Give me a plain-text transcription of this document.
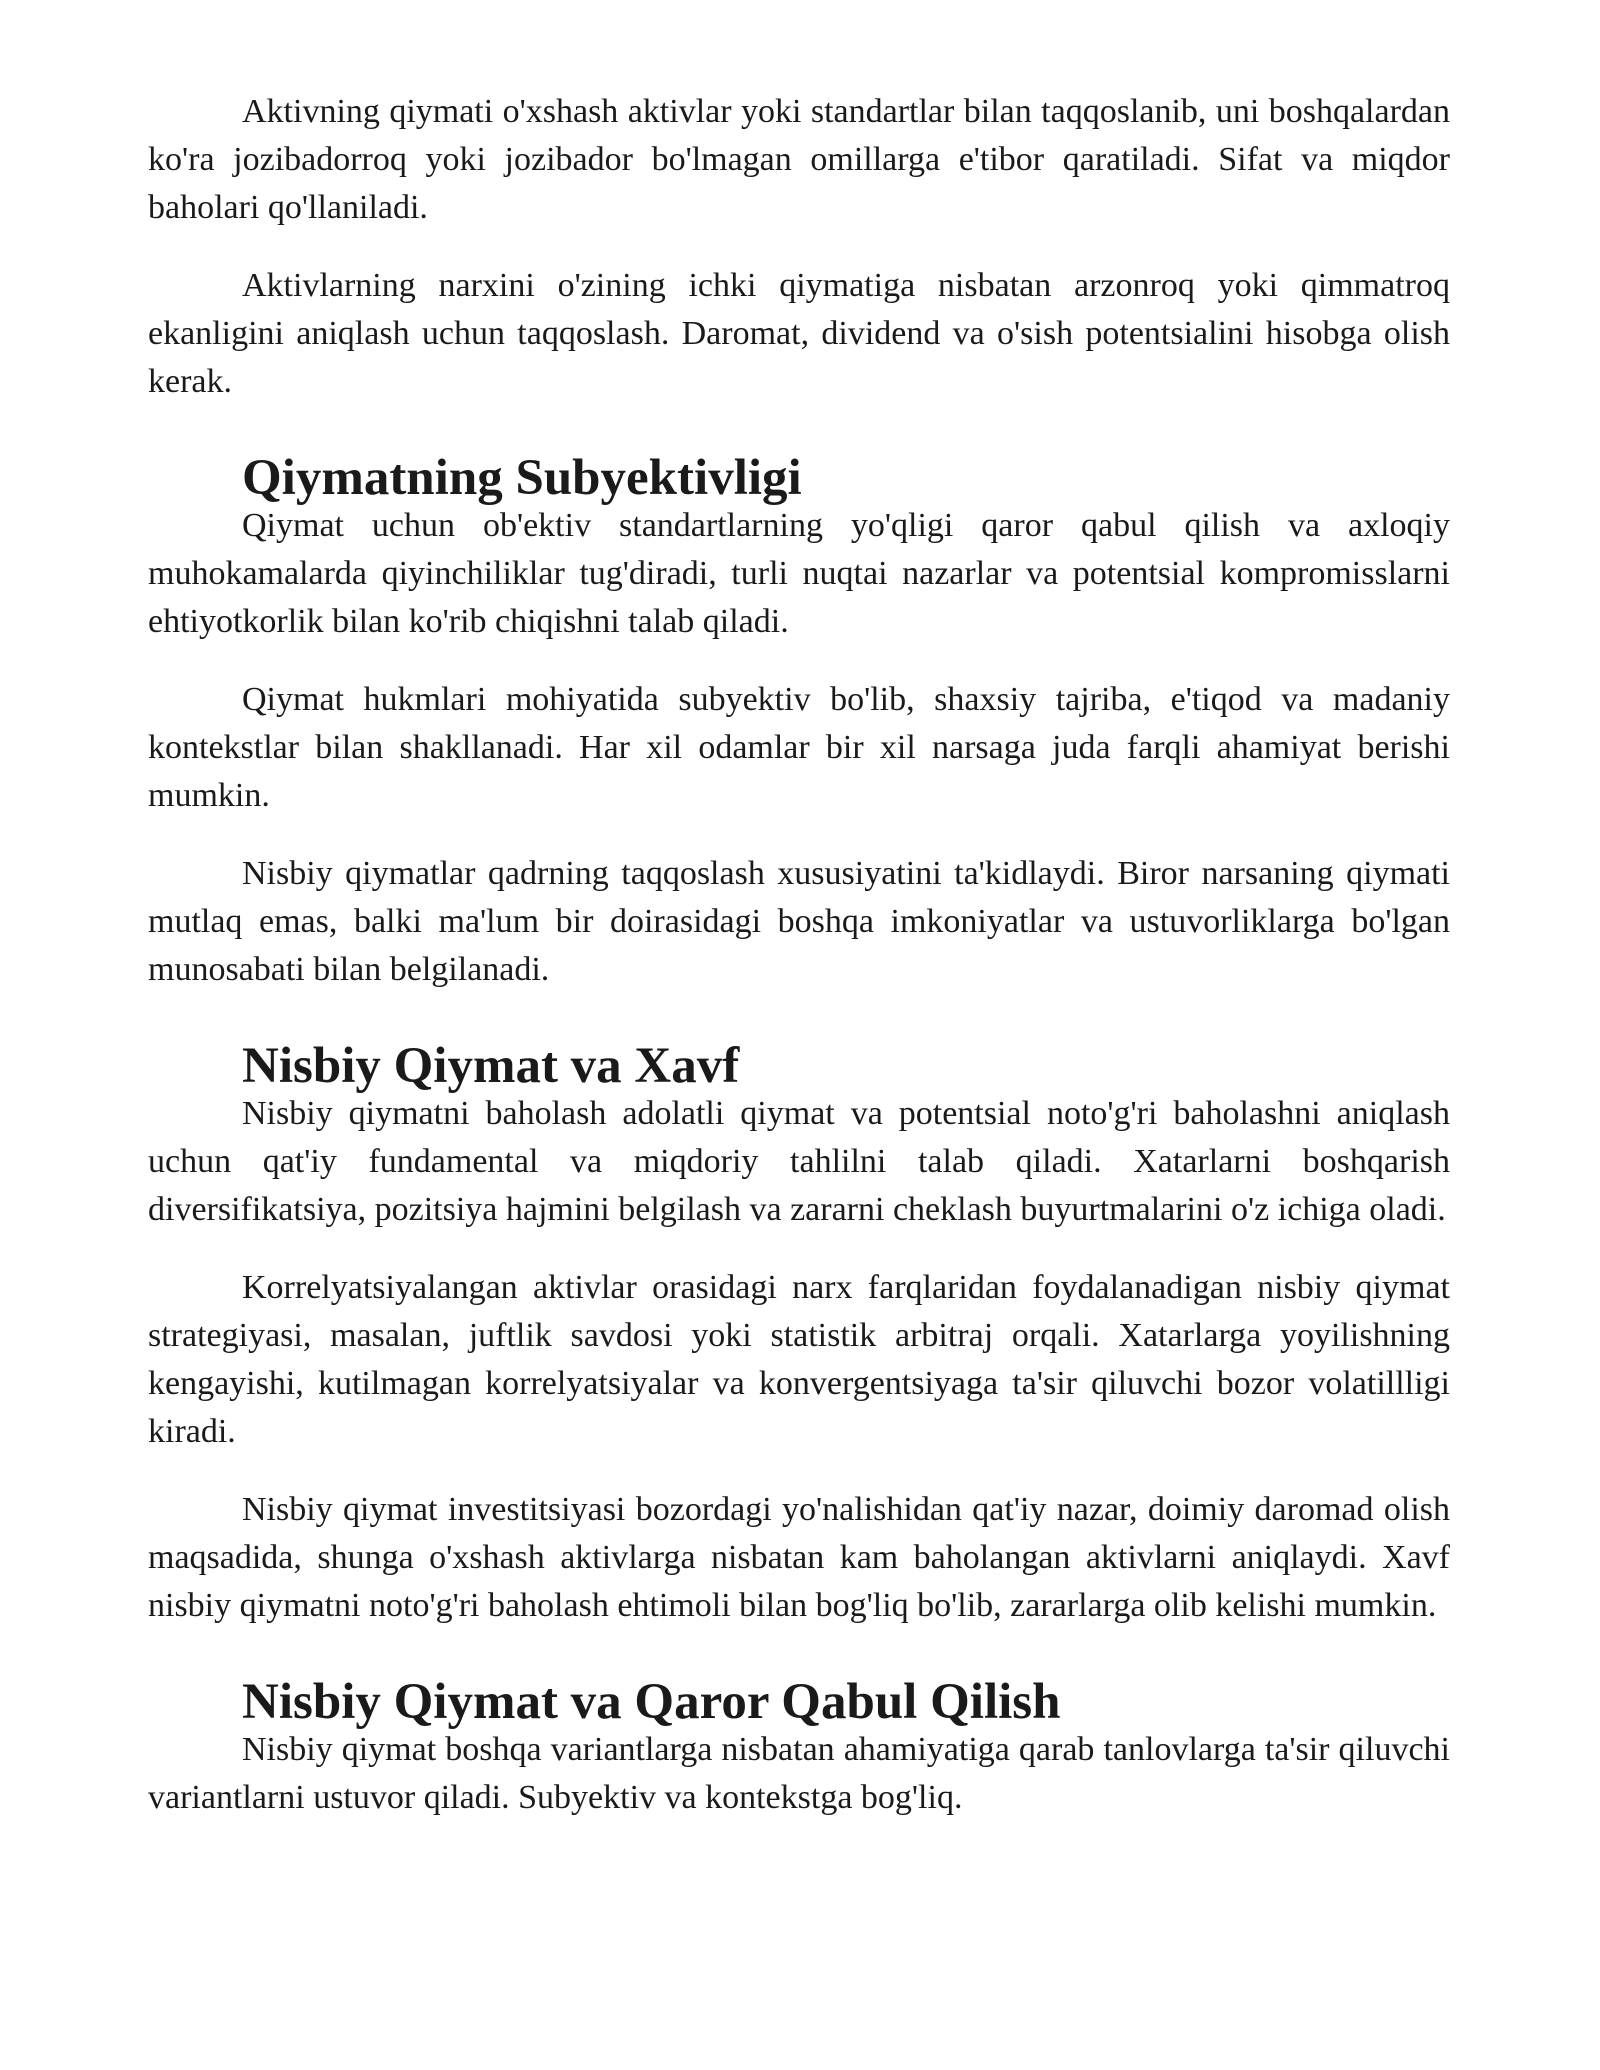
Aktivning qiymati o'xshash aktivlar yoki standartlar bilan taqqoslanib, uni boshqalardan ko'ra jozibadorroq yoki jozibador bo'lmagan omillarga e'tibor qaratiladi. Sifat va miqdor baholari qo'llaniladi.

Aktivlarning narxini o'zining ichki qiymatiga nisbatan arzonroq yoki qimmatroq ekanligini aniqlash uchun taqqoslash. Daromat, dividend va o'sish potentsialini hisobga olish kerak.

Qiymatning Subyektivligi

Qiymat uchun ob'ektiv standartlarning yo'qligi qaror qabul qilish va axloqiy muhokamalarda qiyinchiliklar tug'diradi, turli nuqtai nazarlar va potentsial kompromisslarni ehtiyotkorlik bilan ko'rib chiqishni talab qiladi.

Qiymat hukmlari mohiyatida subyektiv bo'lib, shaxsiy tajriba, e'tiqod va madaniy kontekstlar bilan shakllanadi. Har xil odamlar bir xil narsaga juda farqli ahamiyat berishi mumkin.

Nisbiy qiymatlar qadrning taqqoslash xususiyatini ta'kidlaydi. Biror narsaning qiymati mutlaq emas, balki ma'lum bir doirasidagi boshqa imkoniyatlar va ustuvorliklarga bo'lgan munosabati bilan belgilanadi.

Nisbiy Qiymat va Xavf

Nisbiy qiymatni baholash adolatli qiymat va potentsial noto'g'ri baholashni aniqlash uchun qat'iy fundamental va miqdoriy tahlilni talab qiladi. Xatarlarni boshqarish diversifikatsiya, pozitsiya hajmini belgilash va zararni cheklash buyurtmalarini o'z ichiga oladi.

Korrelyatsiyalangan aktivlar orasidagi narx farqlaridan foydalanadigan nisbiy qiymat strategiyasi, masalan, juftlik savdosi yoki statistik arbitraj orqali. Xatarlarga yoyilishning kengayishi, kutilmagan korrelyatsiyalar va konvergentsiyaga ta'sir qiluvchi bozor volatillligi kiradi.

Nisbiy qiymat investitsiyasi bozordagi yo'nalishidan qat'iy nazar, doimiy daromad olish maqsadida, shunga o'xshash aktivlarga nisbatan kam baholangan aktivlarni aniqlaydi. Xavf nisbiy qiymatni noto'g'ri baholash ehtimoli bilan bog'liq bo'lib, zararlarga olib kelishi mumkin.

Nisbiy Qiymat va Qaror Qabul Qilish

Nisbiy qiymat boshqa variantlarga nisbatan ahamiyatiga qarab tanlovlarga ta'sir qiluvchi variantlarni ustuvor qiladi. Subyektiv va kontekstga bog'liq.
